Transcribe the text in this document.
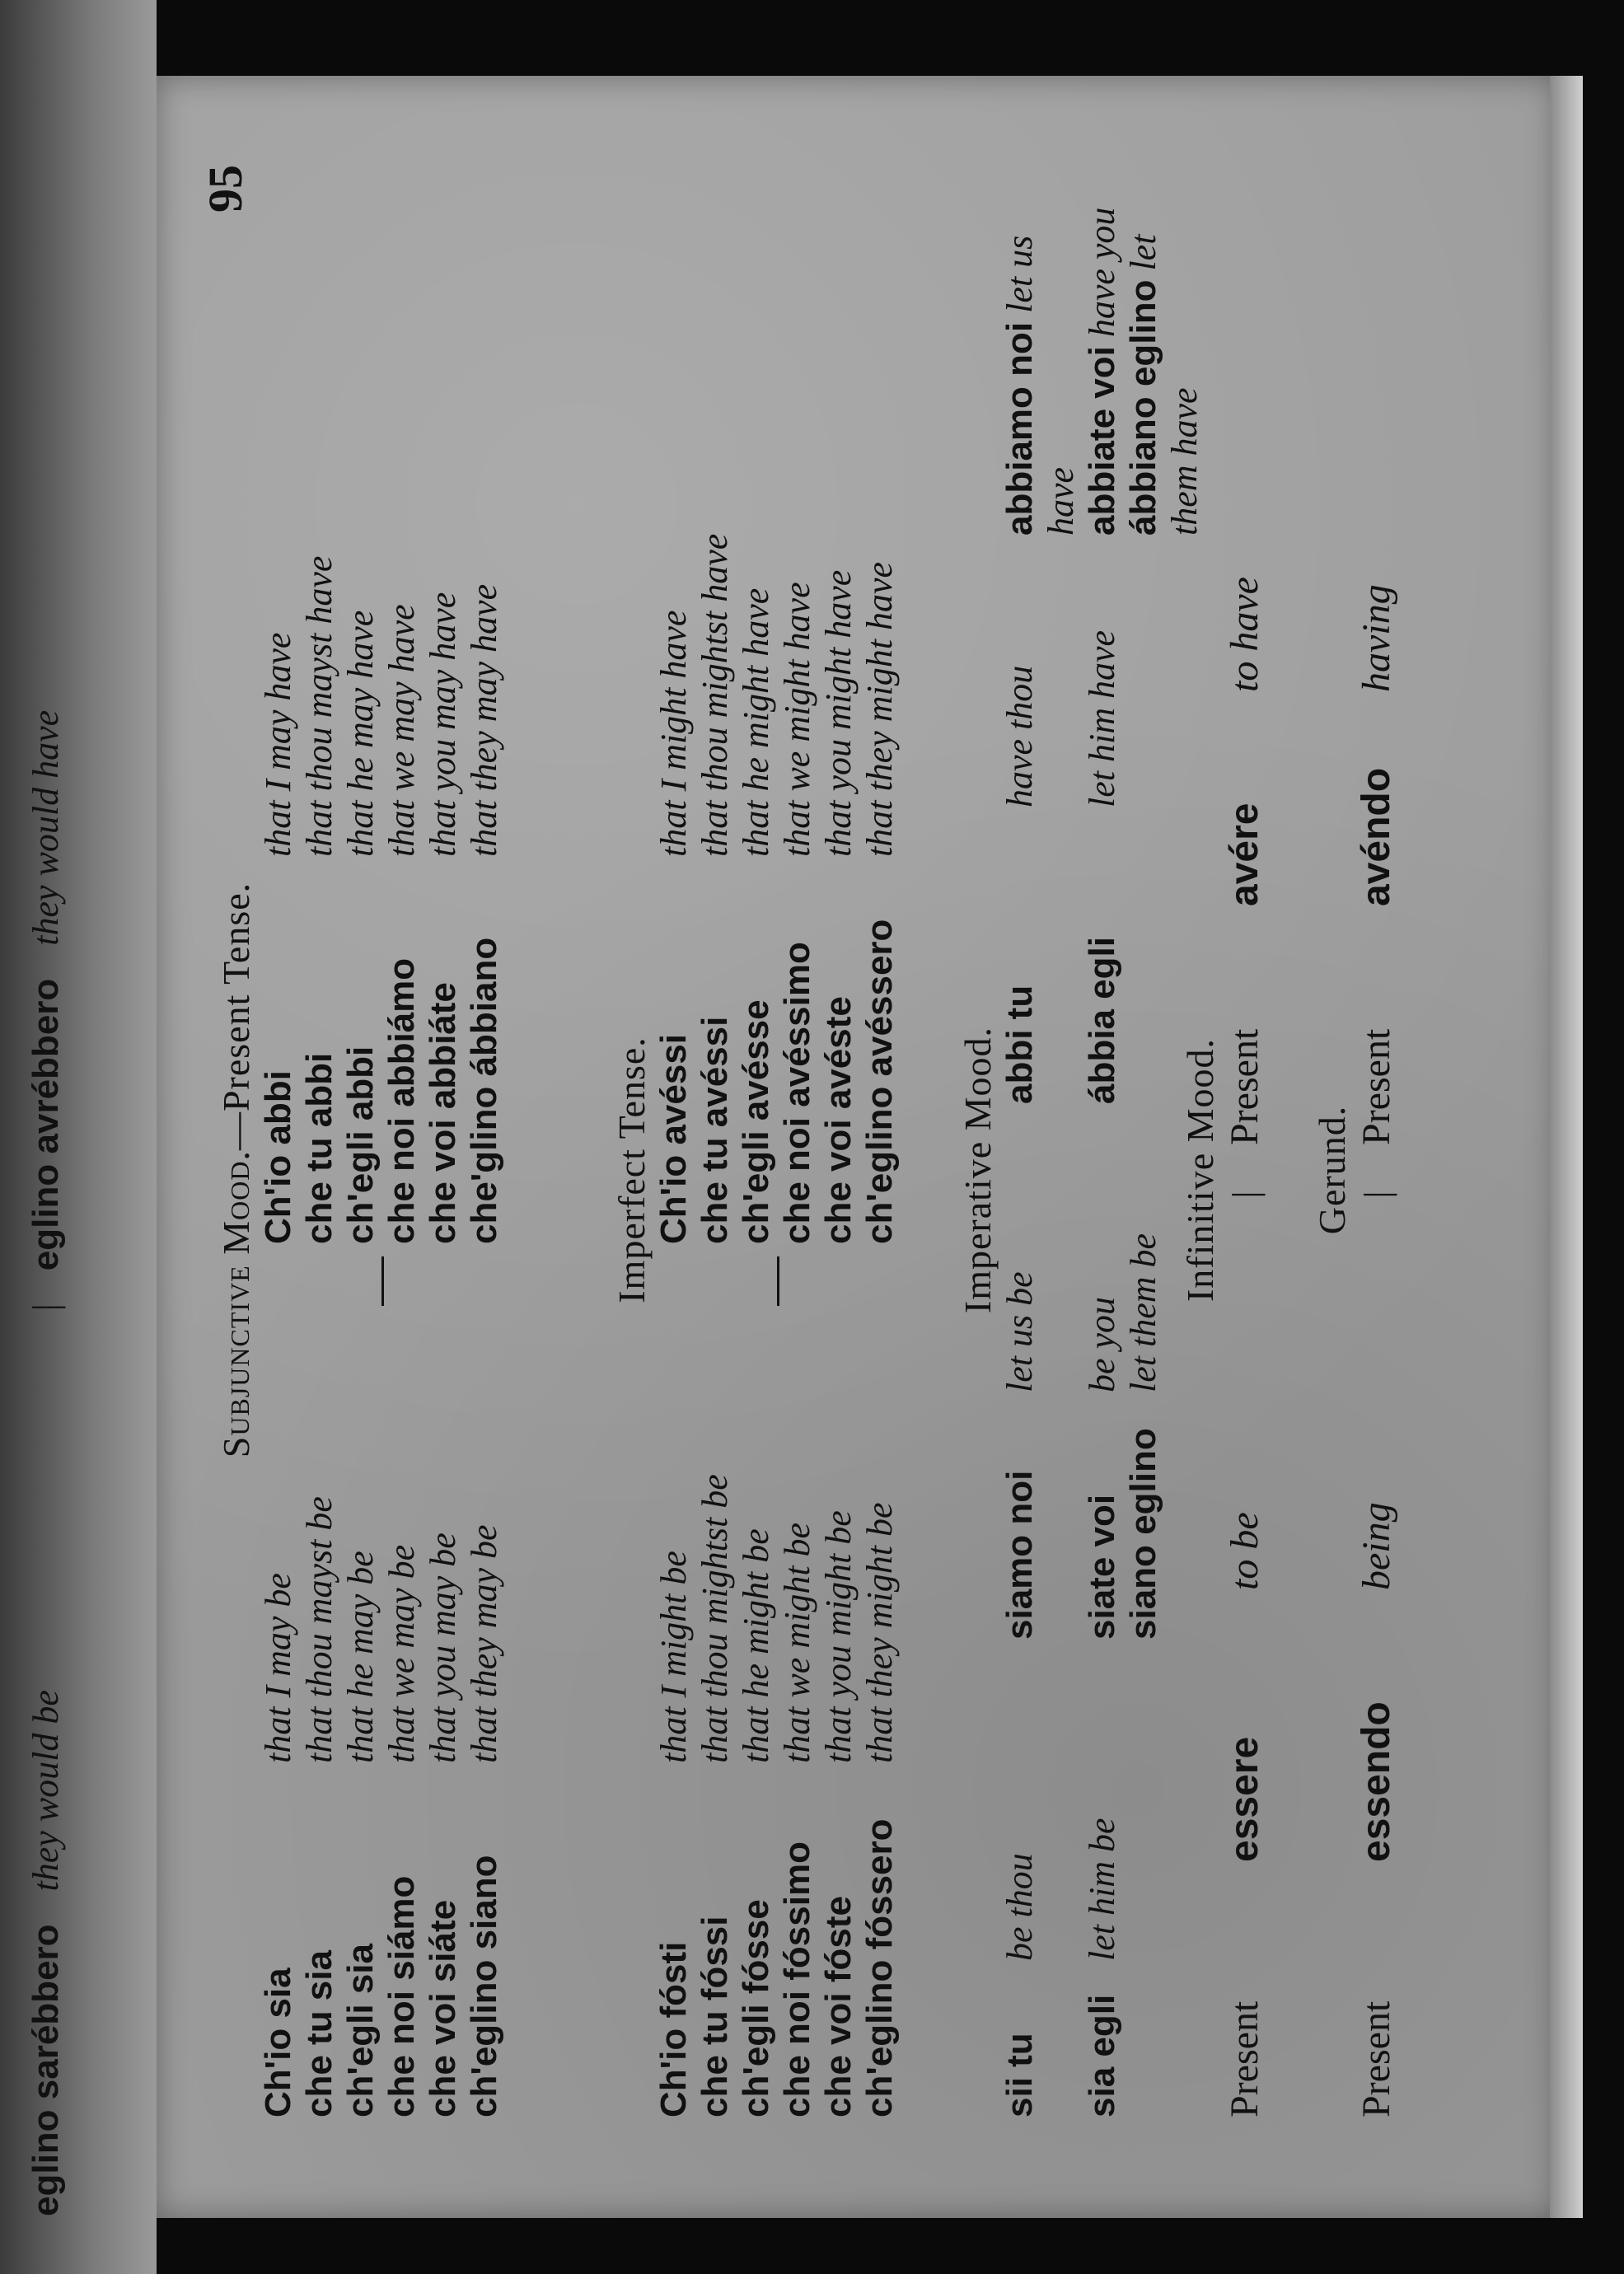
eglino sarébbero
they would be
|
eglino avrébbero
they would have
95
Subjunctive Mood.—Present Tense.
Ch'io sia
that I may be
Ch'io abbi
that I may have
che tu sia
that thou mayst be
che tu abbi
that thou mayst have
ch'egli sia
that he may be
ch'egli abbi
that he may have
che noi siámo
that we may be
che noi abbiámo
that we may have
che voi siáte
that you may be
che voi abbiáte
that you may have
ch'eglino siano
that they may be
che'glino ábbiano
that they may have
Imperfect Tense.
Ch'io fósti
that I might be
Ch'io avéssi
that I might have
che tu fóssi
that thou mightst be
che tu avéssi
that thou mightst have
ch'egli fósse
that he might be
ch'egli avésse
that he might have
che noi fóssimo
that we might be
che noi avéssimo
that we might have
che voi fóste
that you might be
che voi avéste
that you might have
ch'eglino fóssero
that they might be
ch'eglino avéssero
that they might have
Imperative Mood.
sii tu
be thou
siamo noi
let us be
abbi tu
have thou
abbiamo noi let us have
sia egli
let him be
siate voi
be you
ábbia egli
let him have
abbiate voi have you
siano eglino
let them be
ábbiano eglino let them have
Infinitive Mood.
Present
essere
to be
|
Present
avére
to have
Gerund.
Present
essendo
being
|
Present
avéndo
having
